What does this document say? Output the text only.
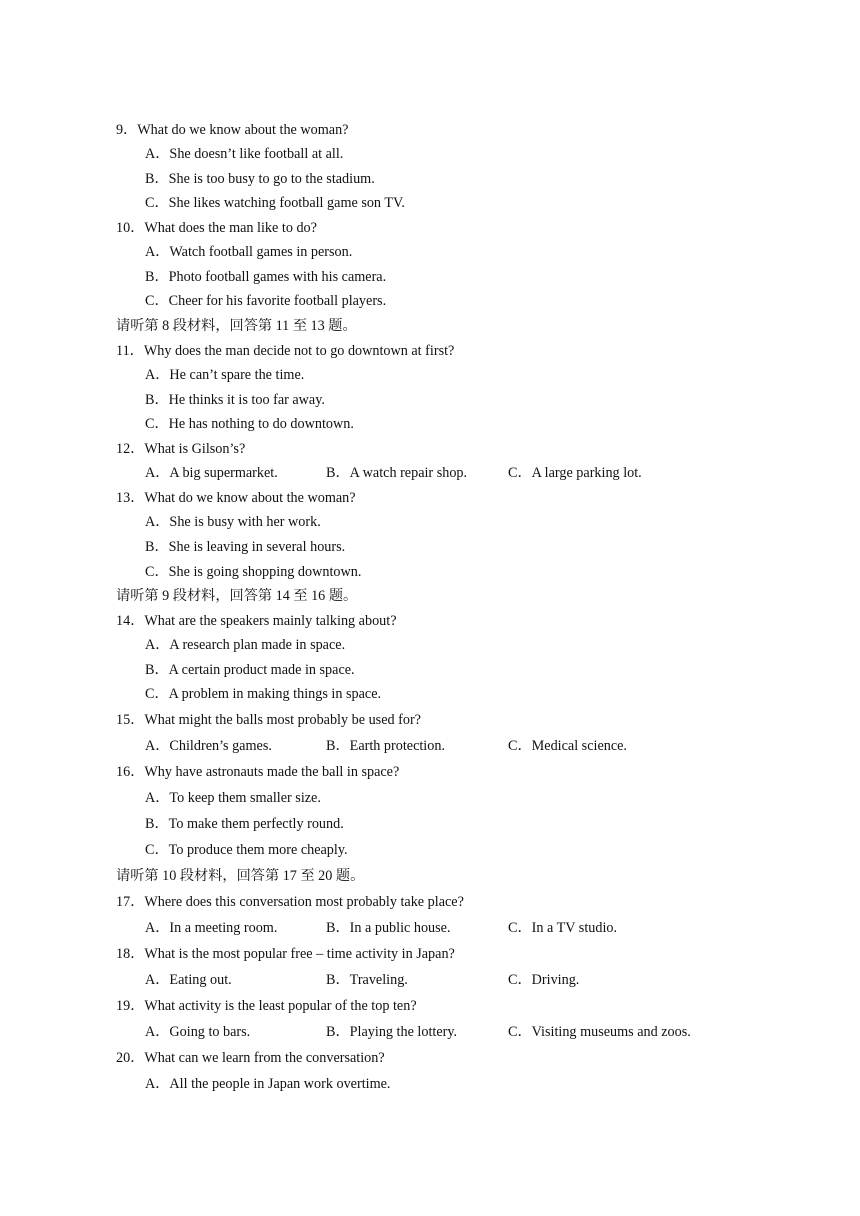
9．What do we know about the woman?
A．She doesn’t like football at all.
B．She is too busy to go to the stadium.
C．She likes watching football game son TV.
10．What does the man like to do?
A．Watch football games in person.
B．Photo football games with his camera.
C．Cheer for his favorite football players.
请听第 8 段材料，回答第 11 至 13 题。
11．Why does the man decide not to go downtown at first?
A．He can’t spare the time.
B．He thinks it is too far away.
C．He has nothing to do downtown.
12．What is Gilson’s?
A．A big supermarket.	B．A watch repair shop.	C．A large parking lot.
13．What do we know about the woman?
A．She is busy with her work.
B．She is leaving in several hours.
C．She is going shopping downtown.
请听第 9 段材料，回答第 14 至 16 题。
14．What are the speakers mainly talking about?
A．A research plan made in space.
B．A certain product made in space.
C．A problem in making things in space.
15．What might the balls most probably be used for?
A．Children’s games.	B．Earth protection.	C．Medical science.
16．Why have astronauts made the ball in space?
A．To keep them smaller size.
B．To make them perfectly round.
C．To produce them more cheaply.
请听第 10 段材料，回答第 17 至 20 题。
17．Where does this conversation most probably take place?
A．In a meeting room.	B．In a public house.	C．In a TV studio.
18．What is the most popular free – time activity in Japan?
A．Eating out.	B．Traveling.	C．Driving.
19．What activity is the least popular of the top ten?
A．Going to bars.	B．Playing the lottery.	C．Visiting museums and zoos.
20．What can we learn from the conversation?
A．All the people in Japan work overtime.
